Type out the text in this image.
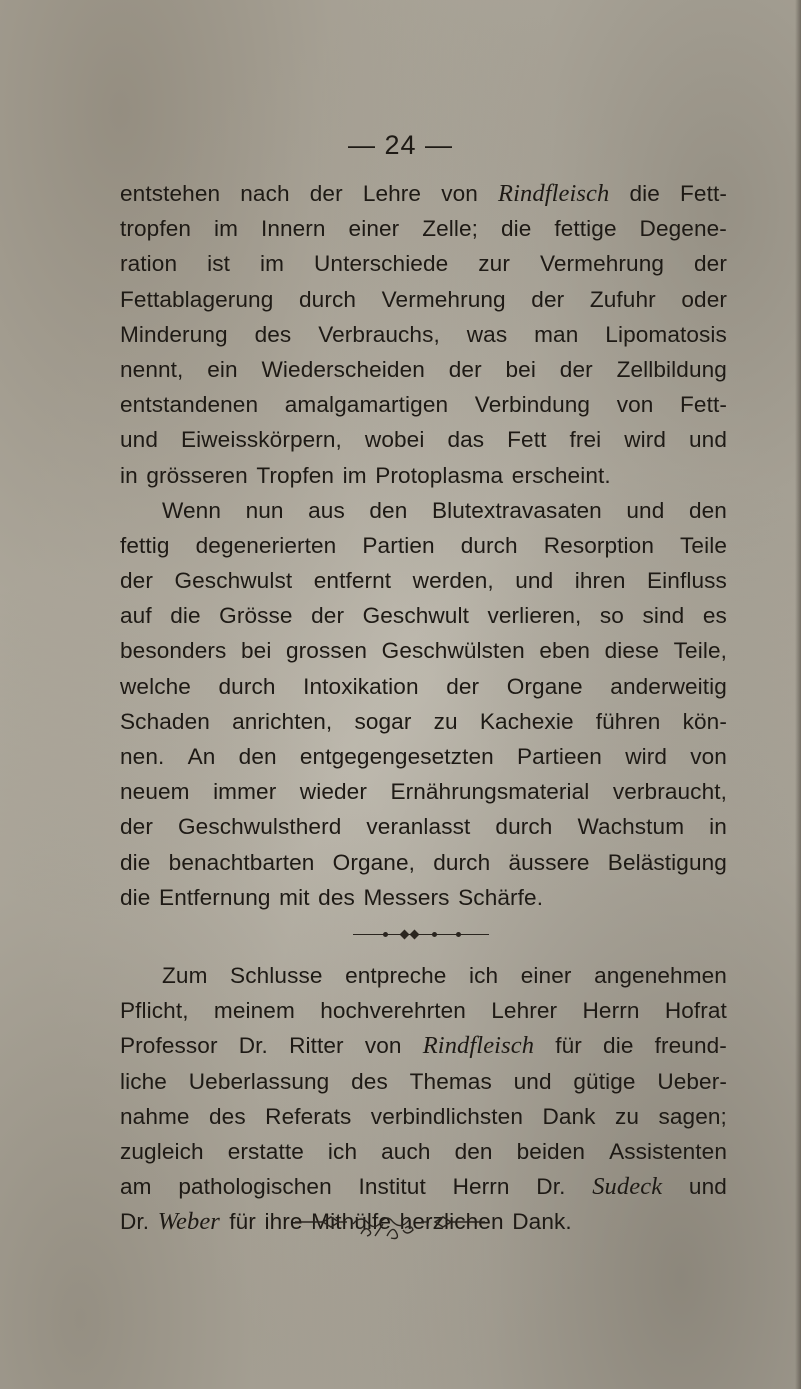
— 24 —
entstehen nach der Lehre von Rindfleisch die Fett-
tropfen im Innern einer Zelle; die fettige Degene-
ration ist im Unterschiede zur Vermehrung der
Fettablagerung durch Vermehrung der Zufuhr oder
Minderung des Verbrauchs, was man Lipomatosis
nennt, ein Wiederscheiden der bei der Zellbildung
entstandenen amalgamartigen Verbindung von Fett-
und Eiweisskörpern, wobei das Fett frei wird und
in grösseren Tropfen im Protoplasma erscheint.
Wenn nun aus den Blutextravasaten und den
fettig degenerierten Partien durch Resorption Teile
der Geschwulst entfernt werden, und ihren Einfluss
auf die Grösse der Geschwult verlieren, so sind es
besonders bei grossen Geschwülsten eben diese Teile,
welche durch Intoxikation der Organe anderweitig
Schaden anrichten, sogar zu Kachexie führen kön-
nen. An den entgegengesetzten Partieen wird von
neuem immer wieder Ernährungsmaterial verbraucht,
der Geschwulstherd veranlasst durch Wachstum in
die benachtbarten Organe, durch äussere Belästigung
die Entfernung mit des Messers Schärfe.
Zum Schlusse entpreche ich einer angenehmen
Pflicht, meinem hochverehrten Lehrer Herrn Hofrat
Professor Dr. Ritter von Rindfleisch für die freund-
liche Ueberlassung des Themas und gütige Ueber-
nahme des Referats verbindlichsten Dank zu sagen;
zugleich erstatte ich auch den beiden Assistenten
am pathologischen Institut Herrn Dr. Sudeck und
Dr. Weber für ihre Mithülfe herzlichen Dank.
